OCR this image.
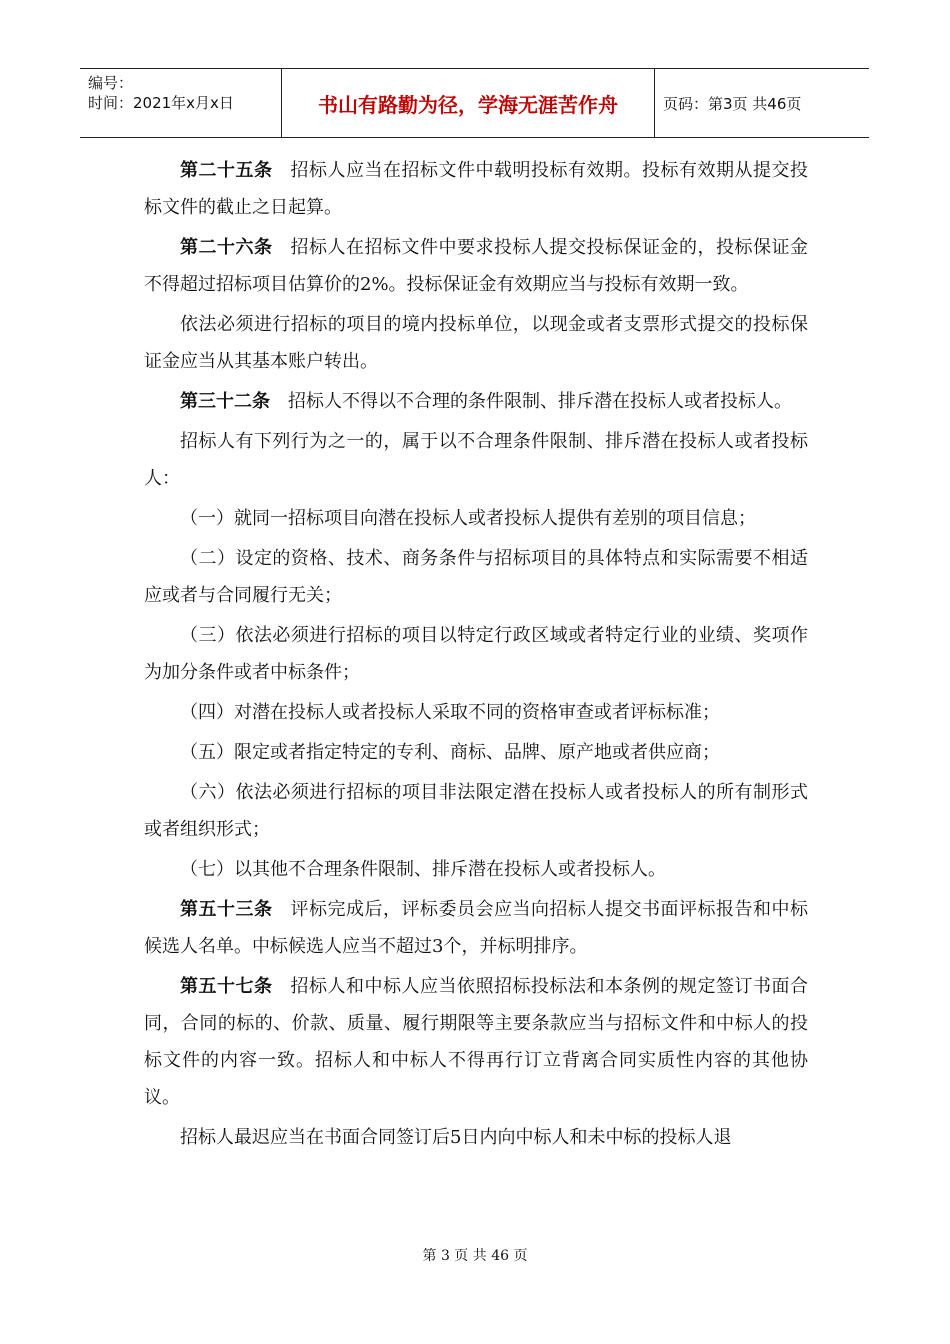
编号：
时间：2021年x月x日	书山有路勤为径，学海无涯苦作舟	页码：第3页 共46页

第二十五条 招标人应当在招标文件中载明投标有效期。投标有效期从提交投标文件的截止之日起算。

第二十六条 招标人在招标文件中要求投标人提交投标保证金的，投标保证金不得超过招标项目估算价的2%。投标保证金有效期应当与投标有效期一致。

依法必须进行招标的项目的境内投标单位，以现金或者支票形式提交的投标保证金应当从其基本账户转出。

第三十二条 招标人不得以不合理的条件限制、排斥潜在投标人或者投标人。

招标人有下列行为之一的，属于以不合理条件限制、排斥潜在投标人或者投标人：

（一）就同一招标项目向潜在投标人或者投标人提供有差别的项目信息；

（二）设定的资格、技术、商务条件与招标项目的具体特点和实际需要不相适应或者与合同履行无关；

（三）依法必须进行招标的项目以特定行政区域或者特定行业的业绩、奖项作为加分条件或者中标条件；

（四）对潜在投标人或者投标人采取不同的资格审查或者评标标准；

（五）限定或者指定特定的专利、商标、品牌、原产地或者供应商；

（六）依法必须进行招标的项目非法限定潜在投标人或者投标人的所有制形式或者组织形式；

（七）以其他不合理条件限制、排斥潜在投标人或者投标人。

第五十三条 评标完成后，评标委员会应当向招标人提交书面评标报告和中标候选人名单。中标候选人应当不超过3个，并标明排序。

第五十七条 招标人和中标人应当依照招标投标法和本条例的规定签订书面合同，合同的标的、价款、质量、履行期限等主要条款应当与招标文件和中标人的投标文件的内容一致。招标人和中标人不得再行订立背离合同实质性内容的其他协议。

招标人最迟应当在书面合同签订后5日内向中标人和未中标的投标人退

第 3 页 共 46 页
